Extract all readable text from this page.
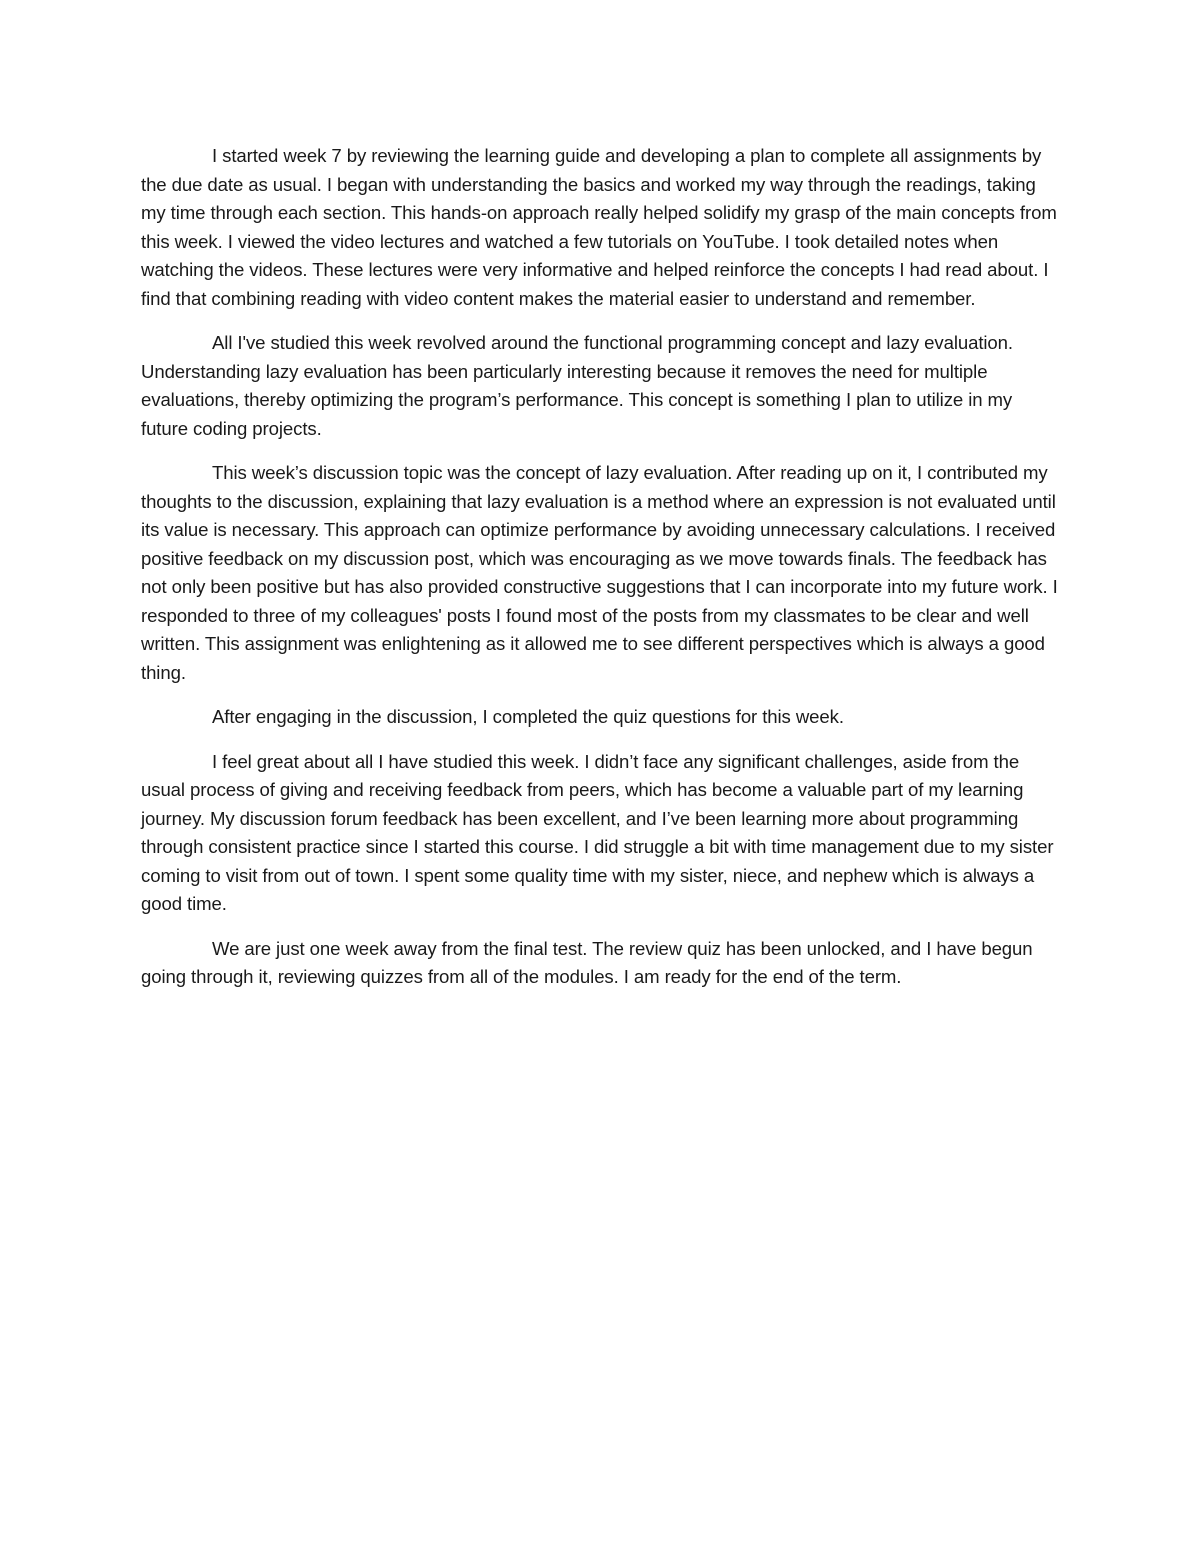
I started week 7 by reviewing the learning guide and developing a plan to complete all assignments by the due date as usual. I began with understanding the basics and worked my way through the readings, taking my time through each section. This hands-on approach really helped solidify my grasp of the main concepts from this week. I viewed the video lectures and watched a few tutorials on YouTube. I took detailed notes when watching the videos. These lectures were very informative and helped reinforce the concepts I had read about. I find that combining reading with video content makes the material easier to understand and remember.

All I've studied this week revolved around the functional programming concept and lazy evaluation. Understanding lazy evaluation has been particularly interesting because it removes the need for multiple evaluations, thereby optimizing the program’s performance. This concept is something I plan to utilize in my future coding projects.

This week’s discussion topic was the concept of lazy evaluation. After reading up on it, I contributed my thoughts to the discussion, explaining that lazy evaluation is a method where an expression is not evaluated until its value is necessary. This approach can optimize performance by avoiding unnecessary calculations. I received positive feedback on my discussion post, which was encouraging as we move towards finals. The feedback has not only been positive but has also provided constructive suggestions that I can incorporate into my future work. I responded to three of my colleagues' posts I found most of the posts from my classmates to be clear and well written. This assignment was enlightening as it allowed me to see different perspectives which is always a good thing.

After engaging in the discussion, I completed the quiz questions for this week.

I feel great about all I have studied this week. I didn’t face any significant challenges, aside from the usual process of giving and receiving feedback from peers, which has become a valuable part of my learning journey. My discussion forum feedback has been excellent, and I’ve been learning more about programming through consistent practice since I started this course. I did struggle a bit with time management due to my sister coming to visit from out of town. I spent some quality time with my sister, niece, and nephew which is always a good time.

We are just one week away from the final test. The review quiz has been unlocked, and I have begun going through it, reviewing quizzes from all of the modules. I am ready for the end of the term.
